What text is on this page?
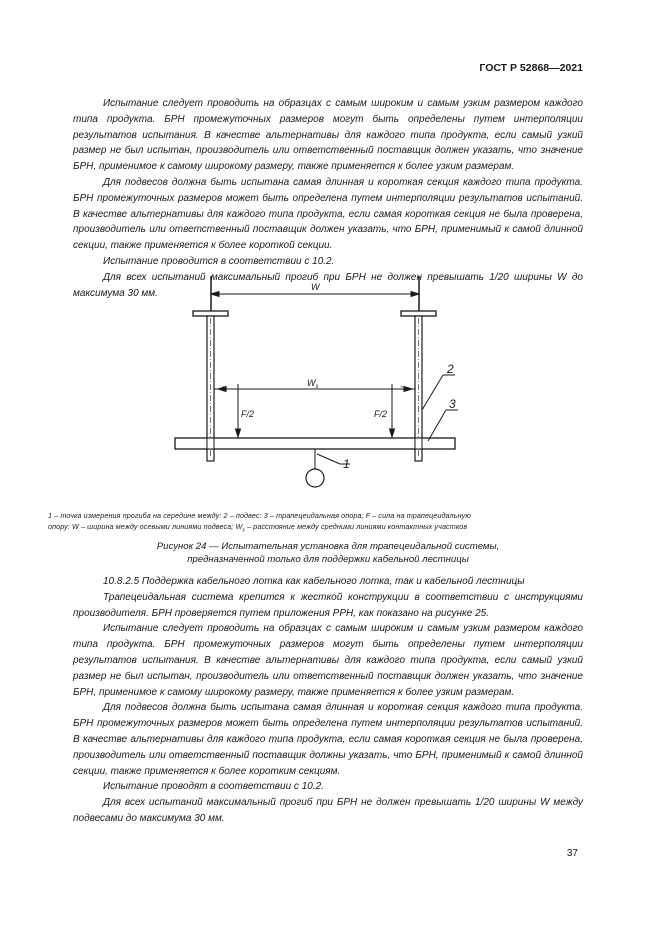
ГОСТ Р 52868—2021

Испытание следует проводить на образцах с самым широким и самым узким размером каждого типа продукта. БРН промежуточных размеров могут быть определены путем интерполяции результатов испытания. В качестве альтернативы для каждого типа продукта, если самый узкий размер не был испытан, производитель или ответственный поставщик должен указать, что значение БРН, применимое к самому широкому размеру, также применяется к более узким размерам.

Для подвесов должна быть испытана самая длинная и короткая секция каждого типа продукта. БРН промежуточных размеров может быть определена путем интерполяции результатов испытаний. В качестве альтернативы для каждого типа продукта, если самая короткая секция не была проверена, производитель или ответственный поставщик должен указать, что БРН, применимый к самой длинной секции, также применяется к более короткой секции.

Испытание проводится в соответствии с 10.2.

Для всех испытаний максимальный прогиб при БРН не должен превышать 1/20 ширины W до максимума 30 мм.

W
$W_s$
=	=
F/2	F/2
1
2
3
1 – точка измерения прогиба на середине между: 2 – подвес: 3 – трапецеидальная опора; F – сила на трапецеидальную
опору: W – ширина между осевыми линиями подвеса; $W_s$ – расстояние между средними линиями контактных участков
Рисунок 24 — Испытательная установка для трапецеидальной системы,
предназначенной только для поддержки кабельной лестницы

10.8.2.5 Поддержка кабельного лотка как кабельного лотка, так и кабельной лестницы

Трапецеидальная система крепится к жесткой конструкции в соответствии с инструкциями производителя. БРН проверяется путем приложения РРН, как показано на рисунке 25.

Испытание следует проводить на образцах с самым широким и самым узким размером каждого типа продукта. БРН промежуточных размеров могут быть определены путем интерполяции результатов испытания. В качестве альтернативы для каждого типа продукта, если самый узкий размер не был испытан, производитель или ответственный поставщик должен указать, что значение БРН, применимое к самому широкому размеру, также применяется к более узким размерам.

Для подвесов должна быть испытана самая длинная и короткая секция каждого типа продукта. БРН промежуточных размеров может быть определена путем интерполяции результатов испытаний. В качестве альтернативы для каждого типа продукта, если самая короткая секция не была проверена, производитель или ответственный поставщик должны указать, что БРН, применимый к самой длинной секции, также применяется к более коротким секциям.

Испытание проводят в соответствии с 10.2.

Для всех испытаний максимальный прогиб при БРН не должен превышать 1/20 ширины W между подвесами до максимума 30 мм.

37
